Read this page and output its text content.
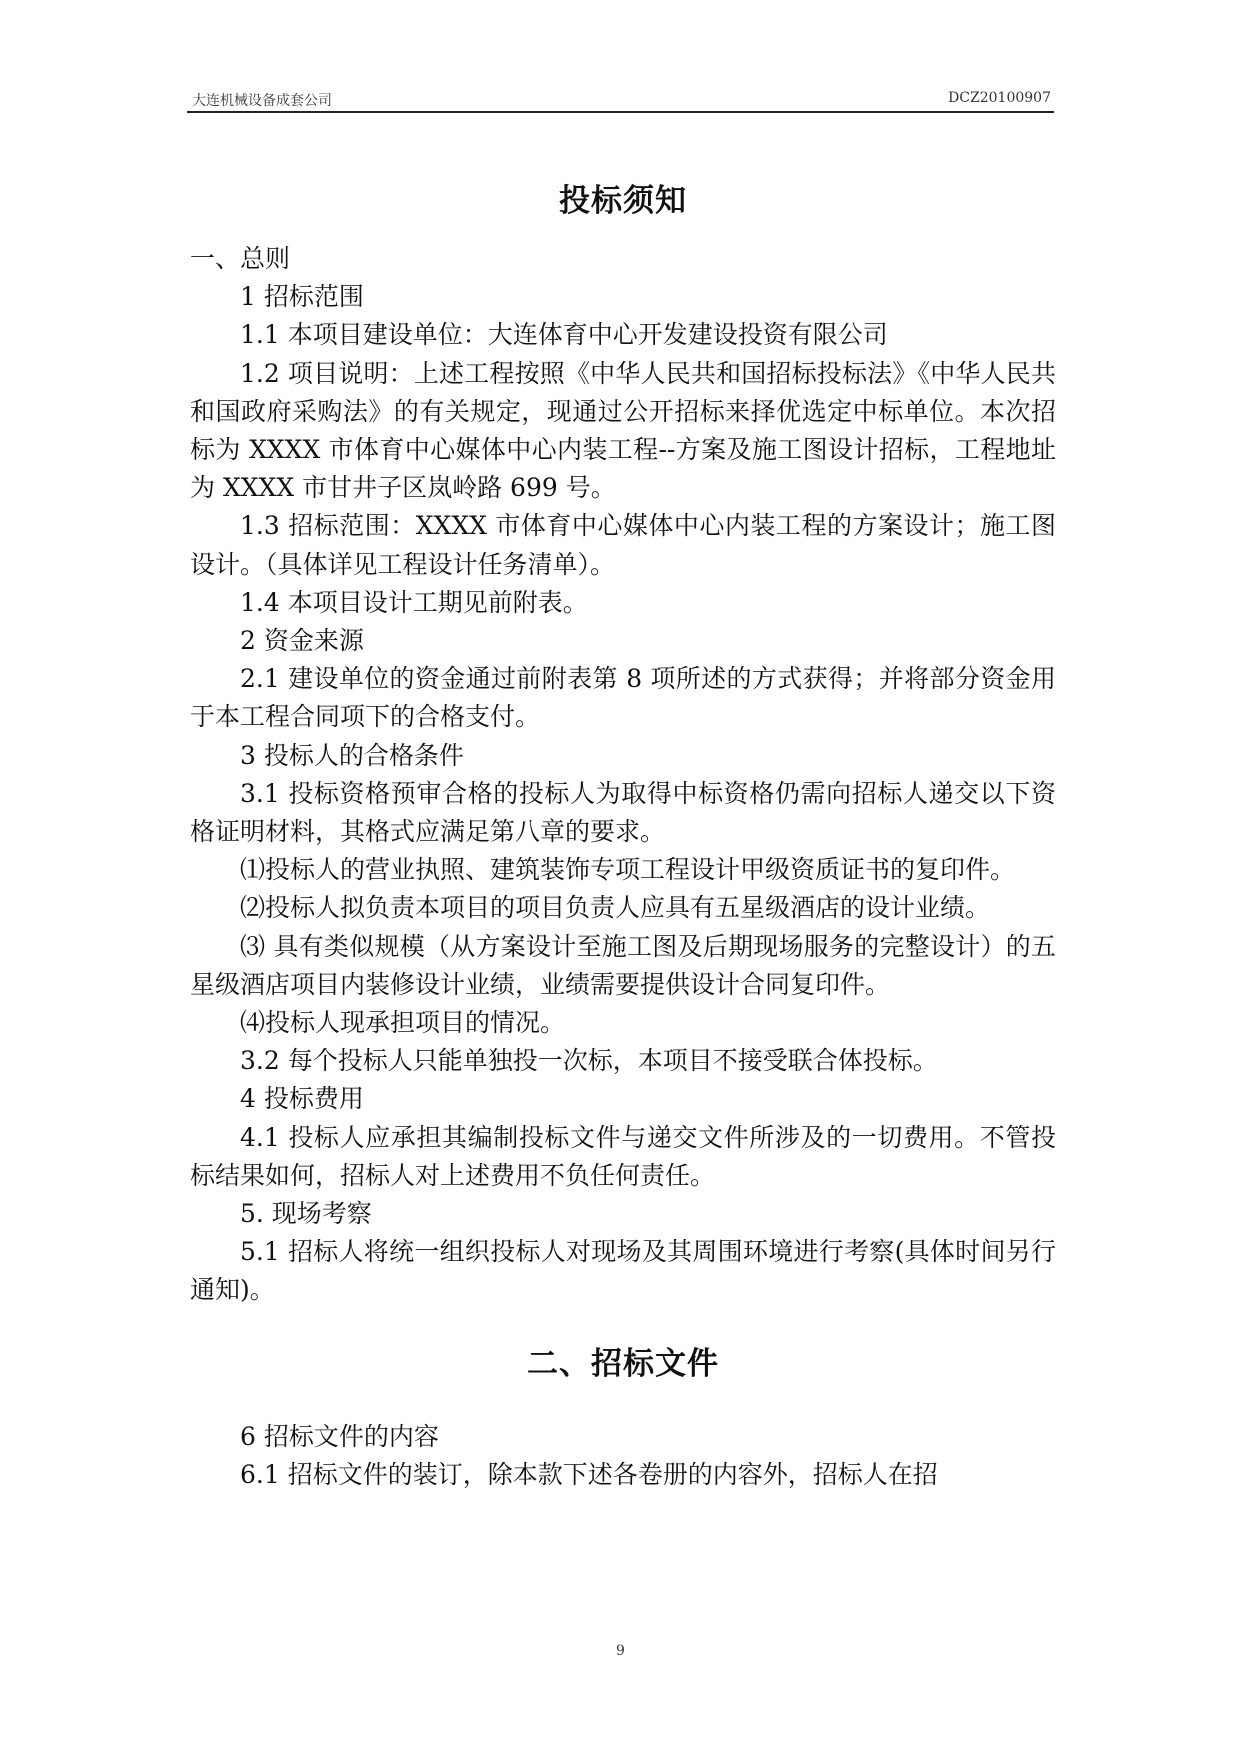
大连机械设备成套公司	DCZ20100907
投标须知

一、总则

1 招标范围

1.1 本项目建设单位：大连体育中心开发建设投资有限公司

1.2 项目说明：上述工程按照《中华人民共和国招标投标法》《中华人民共和国政府采购法》的有关规定，现通过公开招标来择优选定中标单位。本次招标为 XXXX 市体育中心媒体中心内装工程--方案及施工图设计招标，工程地址为 XXXX 市甘井子区岚岭路 699 号。

1.3 招标范围：XXXX 市体育中心媒体中心内装工程的方案设计；施工图设计。（具体详见工程设计任务清单）。

1.4 本项目设计工期见前附表。

2 资金来源

2.1 建设单位的资金通过前附表第 8 项所述的方式获得；并将部分资金用于本工程合同项下的合格支付。

3 投标人的合格条件

3.1 投标资格预审合格的投标人为取得中标资格仍需向招标人递交以下资格证明材料，其格式应满足第八章的要求。

⑴投标人的营业执照、建筑装饰专项工程设计甲级资质证书的复印件。

⑵投标人拟负责本项目的项目负责人应具有五星级酒店的设计业绩。

⑶ 具有类似规模（从方案设计至施工图及后期现场服务的完整设计）的五星级酒店项目内装修设计业绩，业绩需要提供设计合同复印件。

⑷投标人现承担项目的情况。

3.2 每个投标人只能单独投一次标，本项目不接受联合体投标。

4 投标费用

4.1 投标人应承担其编制投标文件与递交文件所涉及的一切费用。不管投标结果如何，招标人对上述费用不负任何责任。

5. 现场考察

5.1 招标人将统一组织投标人对现场及其周围环境进行考察(具体时间另行通知)。

二、招标文件

6 招标文件的内容

6.1 招标文件的装订，除本款下述各卷册的内容外，招标人在招

9
